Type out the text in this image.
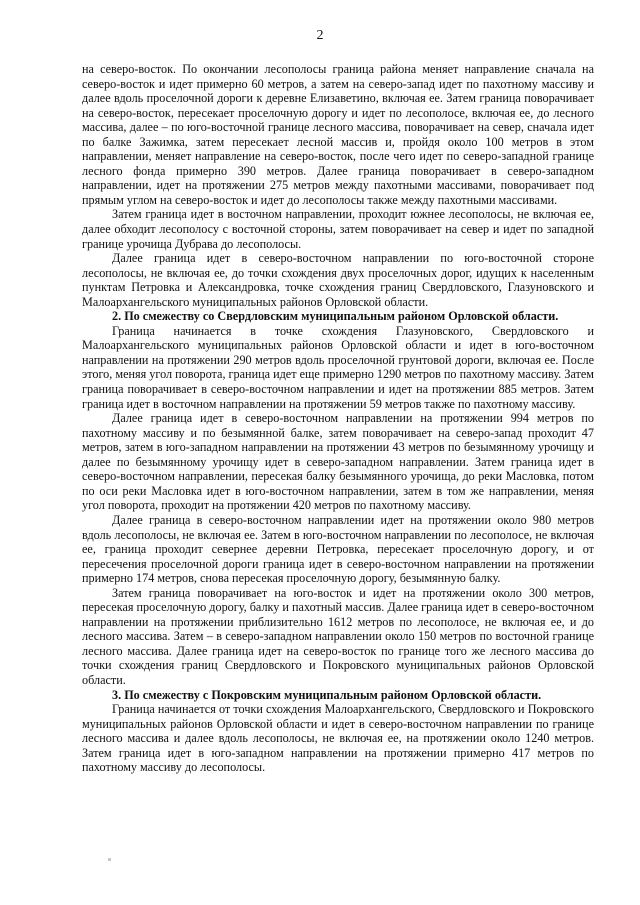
2

на северо-восток. По окончании лесополосы граница района меняет направление сначала на северо-восток и идет примерно 60 метров, а затем на северо-запад идет по пахотному массиву и далее вдоль проселочной дороги к деревне Елизаветино, включая ее. Затем граница поворачивает на северо-восток, пересекает проселочную дорогу и идет по лесополосе, включая ее, до лесного массива, далее – по юго-восточной границе лесного массива, поворачивает на север, сначала идет по балке Зажимка, затем пересекает лесной массив и, пройдя около 100 метров в этом направлении, меняет направление на северо-восток, после чего идет по северо-западной границе лесного фонда примерно 390 метров. Далее граница поворачивает в северо-западном направлении, идет на протяжении 275 метров между пахотными массивами, поворачивает под прямым углом на северо-восток и идет до лесополосы также между пахотными массивами.

Затем граница идет в восточном направлении, проходит южнее лесополосы, не включая ее, далее обходит лесополосу с восточной стороны, затем поворачивает на север и идет по западной границе урочища Дубрава до лесополосы.

Далее граница идет в северо-восточном направлении по юго-восточной стороне лесополосы, не включая ее, до точки схождения двух проселочных дорог, идущих к населенным пунктам Петровка и Александровка, точке схождения границ Свердловского, Глазуновского и Малоархангельского муниципальных районов Орловской области.

2. По смежеству со Свердловским муниципальным районом Орловской области.

Граница начинается в точке схождения Глазуновского, Свердловского и Малоархангельского муниципальных районов Орловской области и идет в юго-восточном направлении на протяжении 290 метров вдоль проселочной грунтовой дороги, включая ее. После этого, меняя угол поворота, граница идет еще примерно 1290 метров по пахотному массиву. Затем граница поворачивает в северо-восточном направлении и идет на протяжении 885 метров. Затем граница идет в восточном направлении на протяжении 59 метров также по пахотному массиву.

Далее граница идет в северо-восточном направлении на протяжении 994 метров по пахотному массиву и по безымянной балке, затем поворачивает на северо-запад проходит 47 метров, затем в юго-западном направлении на протяжении 43 метров по безымянному урочищу и далее по безымянному урочищу идет в северо-западном направлении. Затем граница идет в северо-восточном направлении, пересекая балку безымянного урочища, до реки Масловка, потом по оси реки Масловка идет в юго-восточном направлении, затем в том же направлении, меняя угол поворота, проходит на протяжении 420 метров по пахотному массиву.

Далее граница в северо-восточном направлении идет на протяжении около 980 метров вдоль лесополосы, не включая ее. Затем в юго-восточном направлении по лесополосе, не включая ее, граница проходит севернее деревни Петровка, пересекает проселочную дорогу, и от пересечения проселочной дороги граница идет в северо-восточном направлении на протяжении примерно 174 метров, снова пересекая проселочную дорогу, безымянную балку.

Затем граница поворачивает на юго-восток и идет на протяжении около 300 метров, пересекая проселочную дорогу, балку и пахотный массив. Далее граница идет в северо-восточном направлении на протяжении приблизительно 1612 метров по лесополосе, не включая ее, и до лесного массива. Затем – в северо-западном направлении около 150 метров по восточной границе лесного массива. Далее граница идет на северо-восток по границе того же лесного массива до точки схождения границ Свердловского и Покровского муниципальных районов Орловской области.

3. По смежеству с Покровским муниципальным районом Орловской области.

Граница начинается от точки схождения Малоархангельского, Свердловского и Покровского муниципальных районов Орловской области и идет в северо-восточном направлении по границе лесного массива и далее вдоль лесополосы, не включая ее, на протяжении около 1240 метров. Затем граница идет в юго-западном направлении на протяжении примерно 417 метров по пахотному массиву до лесополосы.
